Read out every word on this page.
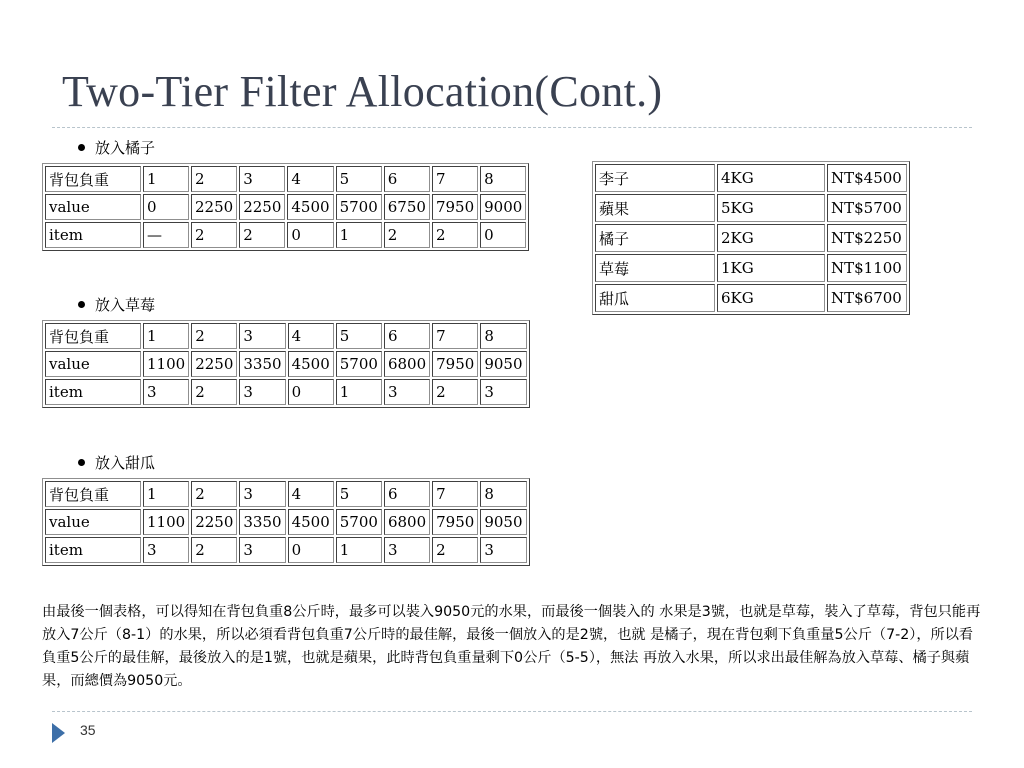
Two-Tier Filter Allocation(Cont.)
放入橘子
背包負重	1	2	3	4	5	6	7	8
value	0	2250	2250	4500	5700	6750	7950	9000
item	—	2	2	0	1	2	2	0
放入草莓
背包負重	1	2	3	4	5	6	7	8
value	1100	2250	3350	4500	5700	6800	7950	9050
item	3	2	3	0	1	3	2	3
放入甜瓜
背包負重	1	2	3	4	5	6	7	8
value	1100	2250	3350	4500	5700	6800	7950	9050
item	3	2	3	0	1	3	2	3
李子	4KG	NT$4500
蘋果	5KG	NT$5700
橘子	2KG	NT$2250
草莓	1KG	NT$1100
甜瓜	6KG	NT$6700
由最後一個表格，可以得知在背包負重8公斤時，最多可以裝入9050元的水果，而最後一個裝入的 水果是3號，也就是草莓，裝入了草莓，背包只能再放入7公斤（8-1）的水果，所以必須看背包負重7公斤時的最佳解，最後一個放入的是2號，也就 是橘子，現在背包剩下負重量5公斤（7-2），所以看負重5公斤的最佳解，最後放入的是1號，也就是蘋果，此時背包負重量剩下0公斤（5-5），無法 再放入水果，所以求出最佳解為放入草莓、橘子與蘋果，而總價為9050元。
35
